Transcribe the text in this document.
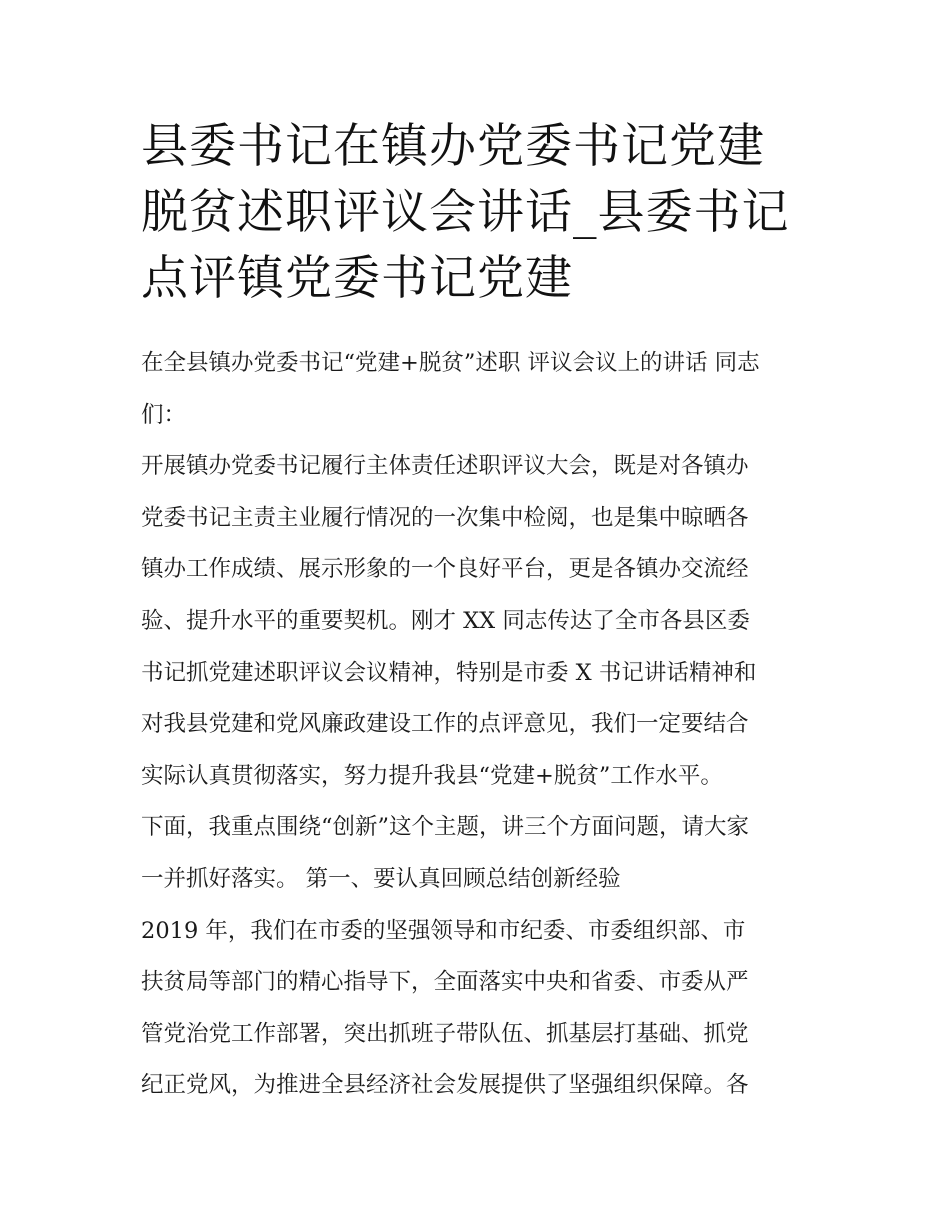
县委书记在镇办党委书记党建
脱贫述职评议会讲话_县委书记
点评镇党委书记党建

在全县镇办党委书记“党建+脱贫”述职 评议会议上的讲话 同志
们：

开展镇办党委书记履行主体责任述职评议大会，既是对各镇办
党委书记主责主业履行情况的一次集中检阅，也是集中晾晒各
镇办工作成绩、展示形象的一个良好平台，更是各镇办交流经
验、提升水平的重要契机。刚才 XX 同志传达了全市各县区委
书记抓党建述职评议会议精神，特别是市委 X 书记讲话精神和
对我县党建和党风廉政建设工作的点评意见，我们一定要结合
实际认真贯彻落实，努力提升我县“党建+脱贫”工作水平。

下面，我重点围绕“创新”这个主题，讲三个方面问题，请大家
一并抓好落实。 第一、要认真回顾总结创新经验

2019 年，我们在市委的坚强领导和市纪委、市委组织部、市
扶贫局等部门的精心指导下，全面落实中央和省委、市委从严
管党治党工作部署，突出抓班子带队伍、抓基层打基础、抓党
纪正党风，为推进全县经济社会发展提供了坚强组织保障。各
